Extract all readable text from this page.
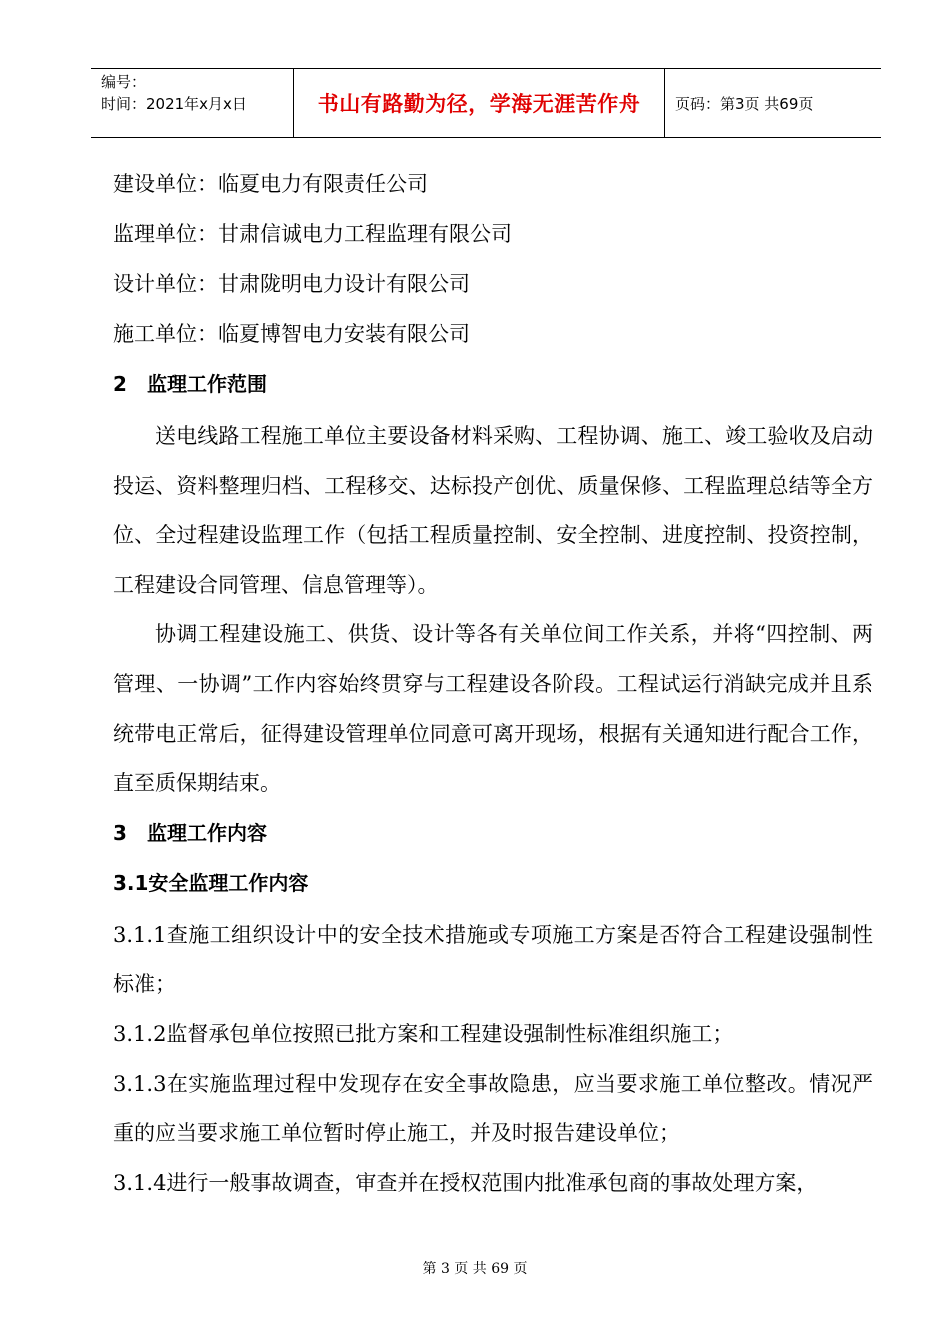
编号：
时间：2021年x月x日	书山有路勤为径，学海无涯苦作舟	页码：第3页 共69页
建设单位：临夏电力有限责任公司
监理单位：甘肃信诚电力工程监理有限公司
设计单位：甘肃陇明电力设计有限公司
施工单位：临夏博智电力安装有限公司
2 监理工作范围

送电线路工程施工单位主要设备材料采购、工程协调、施工、竣工验收及启动投运、资料整理归档、工程移交、达标投产创优、质量保修、工程监理总结等全方位、全过程建设监理工作（包括工程质量控制、安全控制、进度控制、投资控制，工程建设合同管理、信息管理等）。

协调工程建设施工、供货、设计等各有关单位间工作关系，并将“四控制、两管理、一协调”工作内容始终贯穿与工程建设各阶段。工程试运行消缺完成并且系统带电正常后，征得建设管理单位同意可离开现场，根据有关通知进行配合工作，直至质保期结束。

3 监理工作内容
3.1安全监理工作内容

3.1.1查施工组织设计中的安全技术措施或专项施工方案是否符合工程建设强制性标准；

3.1.2监督承包单位按照已批方案和工程建设强制性标准组织施工；

3.1.3在实施监理过程中发现存在安全事故隐患，应当要求施工单位整改。情况严重的应当要求施工单位暂时停止施工，并及时报告建设单位；

3.1.4进行一般事故调查，审查并在授权范围内批准承包商的事故处理方案，

第 3 页 共 69 页
